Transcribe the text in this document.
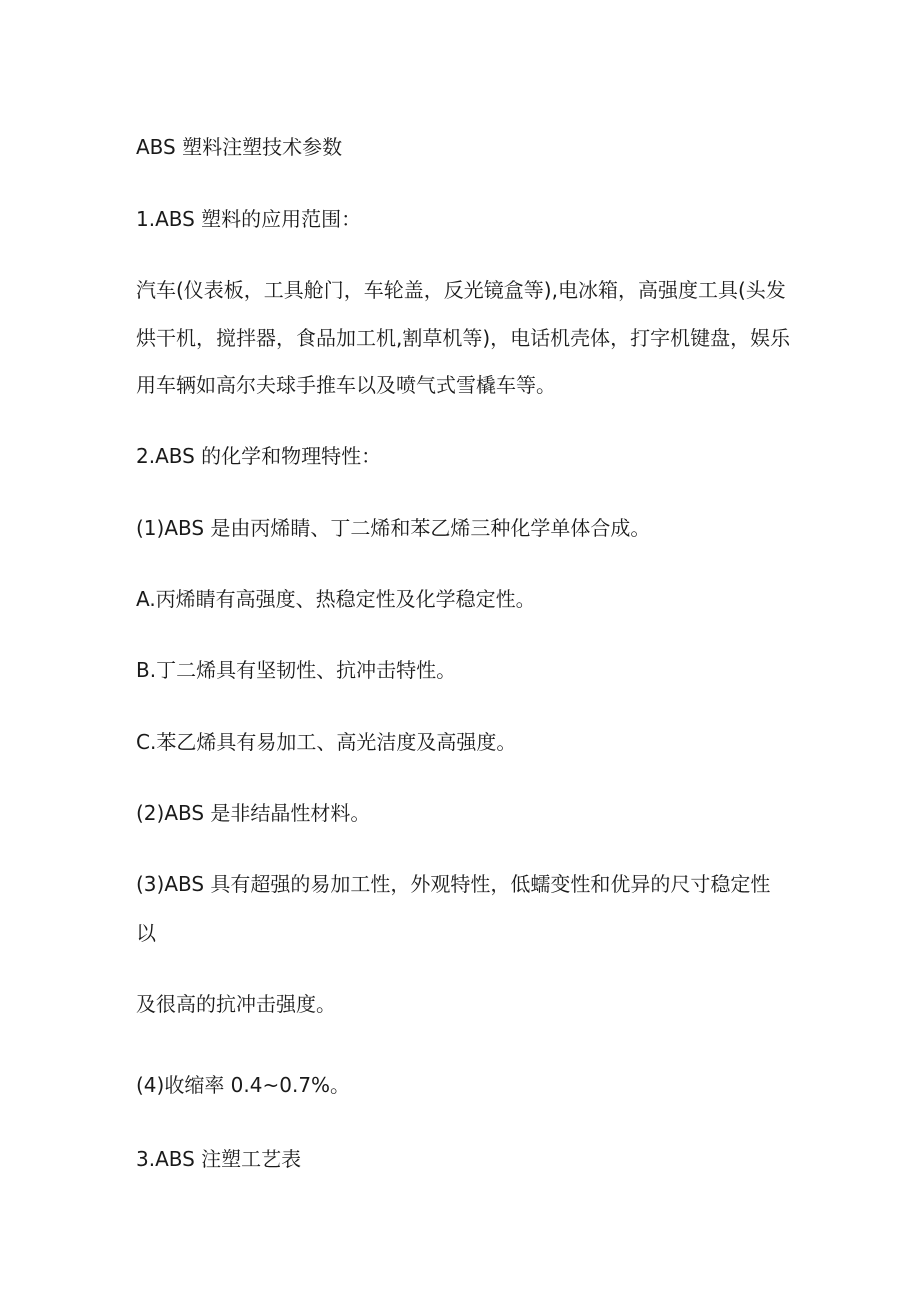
ABS 塑料注塑技术参数
1.ABS 塑料的应用范围：
汽车(仪表板，工具舱门，车轮盖，反光镜盒等),电冰箱，高强度工具(头发
烘干机，搅拌器，食品加工机,割草机等)，电话机壳体，打字机键盘，娱乐
用车辆如高尔夫球手推车以及喷气式雪橇车等。
2.ABS 的化学和物理特性：
(1)ABS 是由丙烯睛、丁二烯和苯乙烯三种化学单体合成。
A.丙烯睛有高强度、热稳定性及化学稳定性。
B.丁二烯具有坚韧性、抗冲击特性。
C.苯乙烯具有易加工、高光洁度及高强度。
(2)ABS 是非结晶性材料。
(3)ABS 具有超强的易加工性，外观特性，低蠕变性和优异的尺寸稳定性
以
及很高的抗冲击强度。
(4)收缩率 0.4~0.7%。
3.ABS 注塑工艺表
